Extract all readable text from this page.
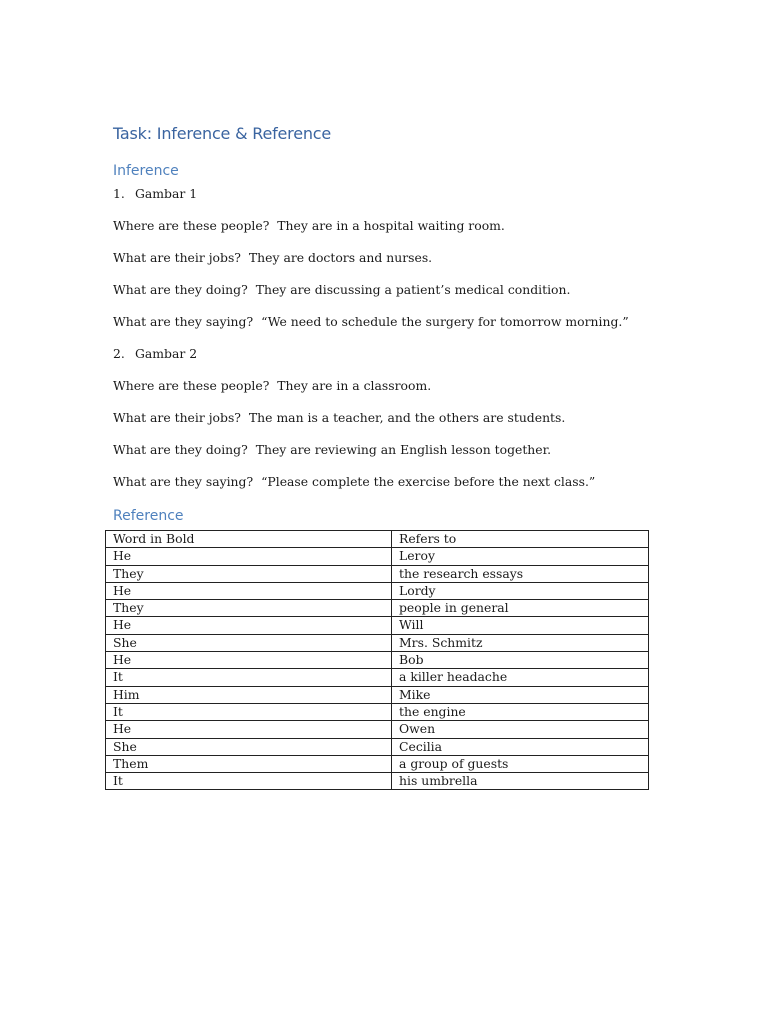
Task: Inference & Reference
Inference
1. Gambar 1
Where are these people? They are in a hospital waiting room.
What are their jobs? They are doctors and nurses.
What are they doing? They are discussing a patient’s medical condition.
What are they saying? “We need to schedule the surgery for tomorrow morning.”
2. Gambar 2
Where are these people? They are in a classroom.
What are their jobs? The man is a teacher, and the others are students.
What are they doing? They are reviewing an English lesson together.
What are they saying? “Please complete the exercise before the next class.”
Reference
Word in Bold	Refers to
He	Leroy
They	the research essays
He	Lordy
They	people in general
He	Will
She	Mrs. Schmitz
He	Bob
It	a killer headache
Him	Mike
It	the engine
He	Owen
She	Cecilia
Them	a group of guests
It	his umbrella
